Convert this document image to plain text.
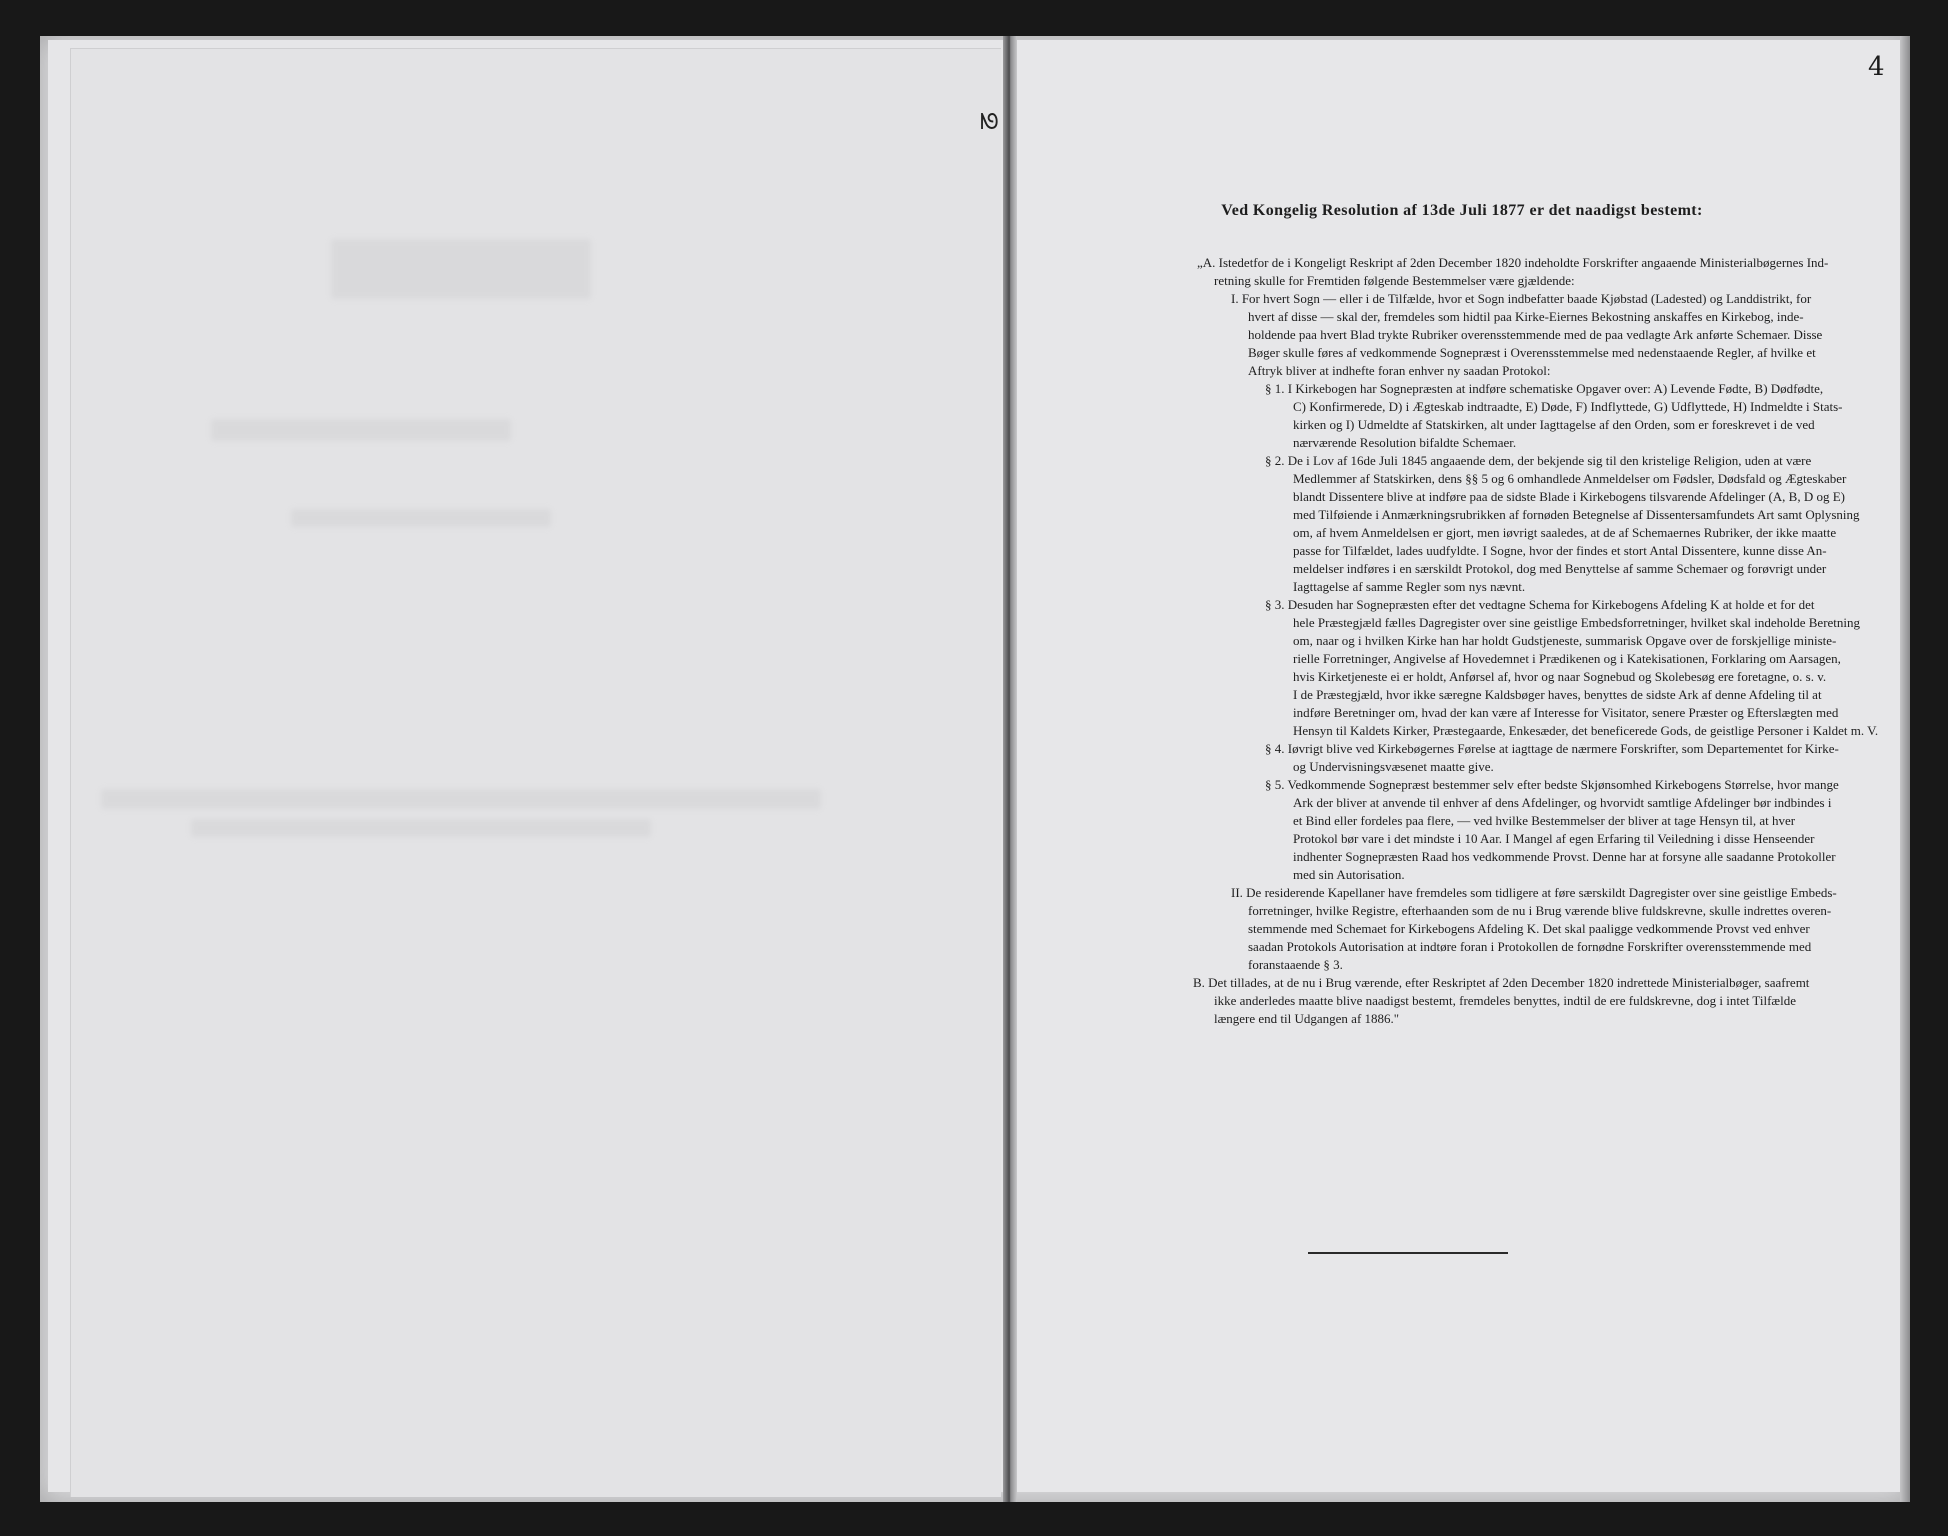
ᘚ
4
Ved Kongelig Resolution af 13de Juli 1877 er det naadigst bestemt:
„A. Istedetfor de i Kongeligt Reskript af 2den December 1820 indeholdte Forskrifter angaaende Ministerialbøgernes Ind-
retning skulle for Fremtiden følgende Bestemmelser være gjældende:
I. For hvert Sogn — eller i de Tilfælde, hvor et Sogn indbefatter baade Kjøbstad (Ladested) og Landdistrikt, for
hvert af disse — skal der, fremdeles som hidtil paa Kirke-Eiernes Bekostning anskaffes en Kirkebog, inde-
holdende paa hvert Blad trykte Rubriker overensstemmende med de paa vedlagte Ark anførte Schemaer. Disse
Bøger skulle føres af vedkommende Sognepræst i Overensstemmelse med nedenstaaende Regler, af hvilke et
Aftryk bliver at indhefte foran enhver ny saadan Protokol:
§ 1. I Kirkebogen har Sognepræsten at indføre schematiske Opgaver over: A) Levende Fødte, B) Dødfødte,
C) Konfirmerede, D) i Ægteskab indtraadte, E) Døde, F) Indflyttede, G) Udflyttede, H) Indmeldte i Stats-
kirken og I) Udmeldte af Statskirken, alt under Iagttagelse af den Orden, som er foreskrevet i de ved
nærværende Resolution bifaldte Schemaer.
§ 2. De i Lov af 16de Juli 1845 angaaende dem, der bekjende sig til den kristelige Religion, uden at være
Medlemmer af Statskirken, dens §§ 5 og 6 omhandlede Anmeldelser om Fødsler, Dødsfald og Ægteskaber
blandt Dissentere blive at indføre paa de sidste Blade i Kirkebogens tilsvarende Afdelinger (A, B, D og E)
med Tilføiende i Anmærkningsrubrikken af fornøden Betegnelse af Dissentersamfundets Art samt Oplysning
om, af hvem Anmeldelsen er gjort, men iøvrigt saaledes, at de af Schemaernes Rubriker, der ikke maatte
passe for Tilfældet, lades uudfyldte. I Sogne, hvor der findes et stort Antal Dissentere, kunne disse An-
meldelser indføres i en særskildt Protokol, dog med Benyttelse af samme Schemaer og forøvrigt under
Iagttagelse af samme Regler som nys nævnt.
§ 3. Desuden har Sognepræsten efter det vedtagne Schema for Kirkebogens Afdeling K at holde et for det
hele Præstegjæld fælles Dagregister over sine geistlige Embedsforretninger, hvilket skal indeholde Beretning
om, naar og i hvilken Kirke han har holdt Gudstjeneste, summarisk Opgave over de forskjellige ministe-
rielle Forretninger, Angivelse af Hovedemnet i Prædikenen og i Katekisationen, Forklaring om Aarsagen,
hvis Kirketjeneste ei er holdt, Anførsel af, hvor og naar Sognebud og Skolebesøg ere foretagne, o. s. v.
I de Præstegjæld, hvor ikke særegne Kaldsbøger haves, benyttes de sidste Ark af denne Afdeling til at
indføre Beretninger om, hvad der kan være af Interesse for Visitator, senere Præster og Efterslægten med
Hensyn til Kaldets Kirker, Præstegaarde, Enkesæder, det beneficerede Gods, de geistlige Personer i Kaldet m. V.
§ 4. Iøvrigt blive ved Kirkebøgernes Førelse at iagttage de nærmere Forskrifter, som Departementet for Kirke-
og Undervisningsvæsenet maatte give.
§ 5. Vedkommende Sognepræst bestemmer selv efter bedste Skjønsomhed Kirkebogens Størrelse, hvor mange
Ark der bliver at anvende til enhver af dens Afdelinger, og hvorvidt samtlige Afdelinger bør indbindes i
et Bind eller fordeles paa flere, — ved hvilke Bestemmelser der bliver at tage Hensyn til, at hver
Protokol bør vare i det mindste i 10 Aar. I Mangel af egen Erfaring til Veiledning i disse Henseender
indhenter Sognepræsten Raad hos vedkommende Provst. Denne har at forsyne alle saadanne Protokoller
med sin Autorisation.
II. De residerende Kapellaner have fremdeles som tidligere at føre særskildt Dagregister over sine geistlige Embeds-
forretninger, hvilke Registre, efterhaanden som de nu i Brug værende blive fuldskrevne, skulle indrettes overen-
stemmende med Schemaet for Kirkebogens Afdeling K. Det skal paaligge vedkommende Provst ved enhver
saadan Protokols Autorisation at indtøre foran i Protokollen de fornødne Forskrifter overensstemmende med
foranstaaende § 3.
B. Det tillades, at de nu i Brug værende, efter Reskriptet af 2den December 1820 indrettede Ministerialbøger, saafremt
ikke anderledes maatte blive naadigst bestemt, fremdeles benyttes, indtil de ere fuldskrevne, dog i intet Tilfælde
længere end til Udgangen af 1886."
